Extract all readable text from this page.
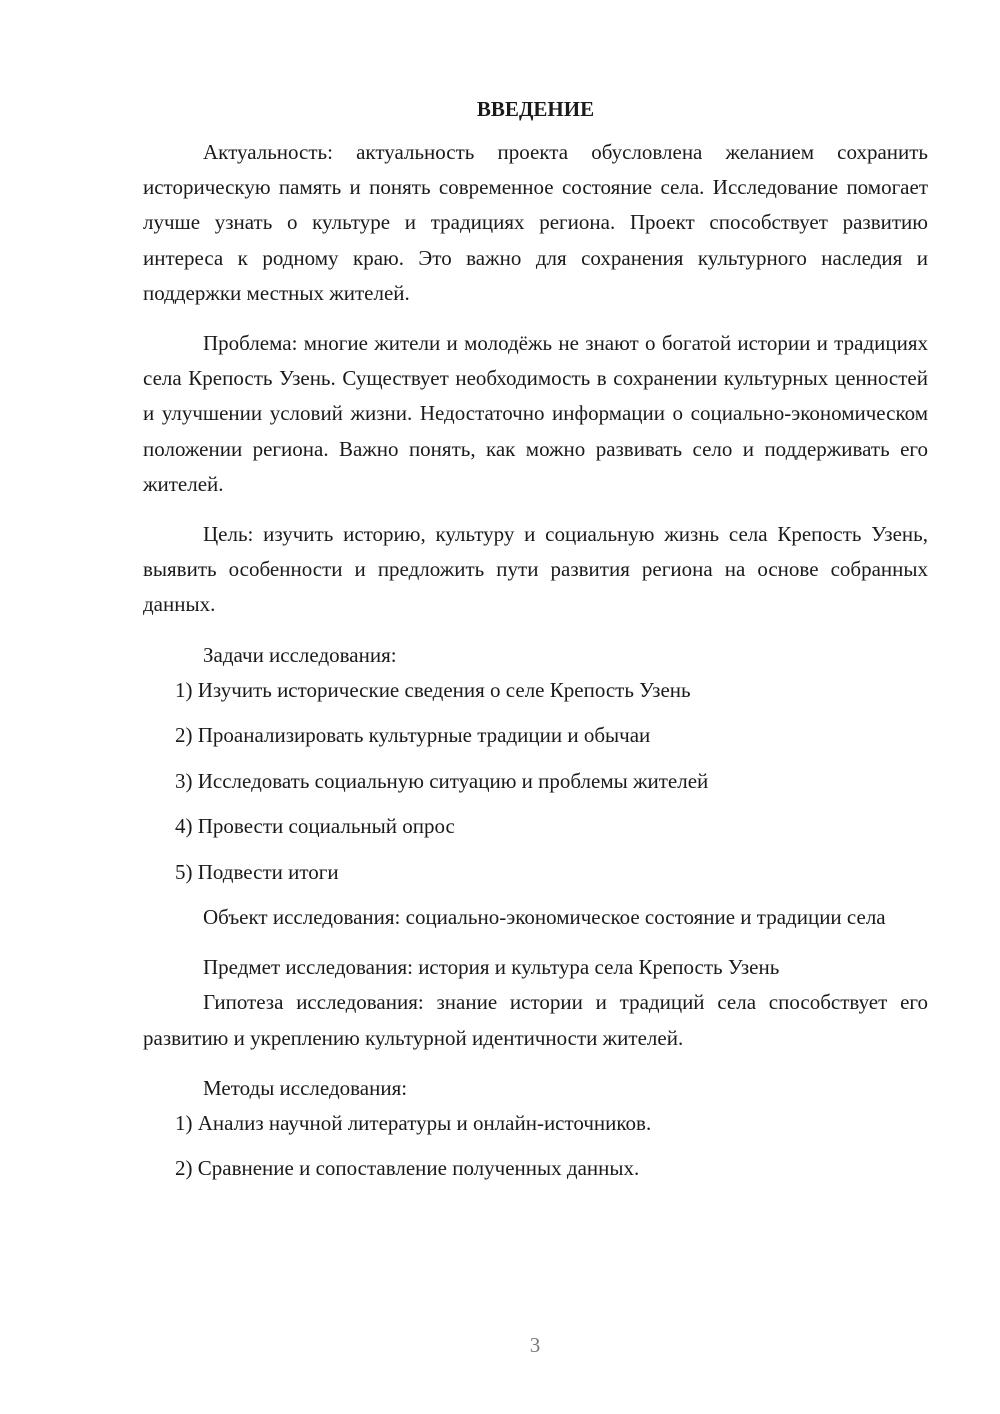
ВВЕДЕНИЕ

Актуальность: актуальность проекта обусловлена желанием сохранить историческую память и понять современное состояние села. Исследование помогает лучше узнать о культуре и традициях региона. Проект способствует развитию интереса к родному краю. Это важно для сохранения культурного наследия и поддержки местных жителей.

Проблема: многие жители и молодёжь не знают о богатой истории и традициях села Крепость Узень. Существует необходимость в сохранении культурных ценностей и улучшении условий жизни. Недостаточно информации о социально-экономическом положении региона. Важно понять, как можно развивать село и поддерживать его жителей.

Цель: изучить историю, культуру и социальную жизнь села Крепость Узень, выявить особенности и предложить пути развития региона на основе собранных данных.

Задачи исследования:

1) Изучить исторические сведения о селе Крепость Узень

2) Проанализировать культурные традиции и обычаи

3) Исследовать социальную ситуацию и проблемы жителей

4) Провести социальный опрос

5) Подвести итоги

Объект исследования: социально-экономическое состояние и традиции села

Предмет исследования: история и культура села Крепость Узень

Гипотеза исследования: знание истории и традиций села способствует его развитию и укреплению культурной идентичности жителей.

Методы исследования:

1) Анализ научной литературы и онлайн-источников.

2) Сравнение и сопоставление полученных данных.

3
